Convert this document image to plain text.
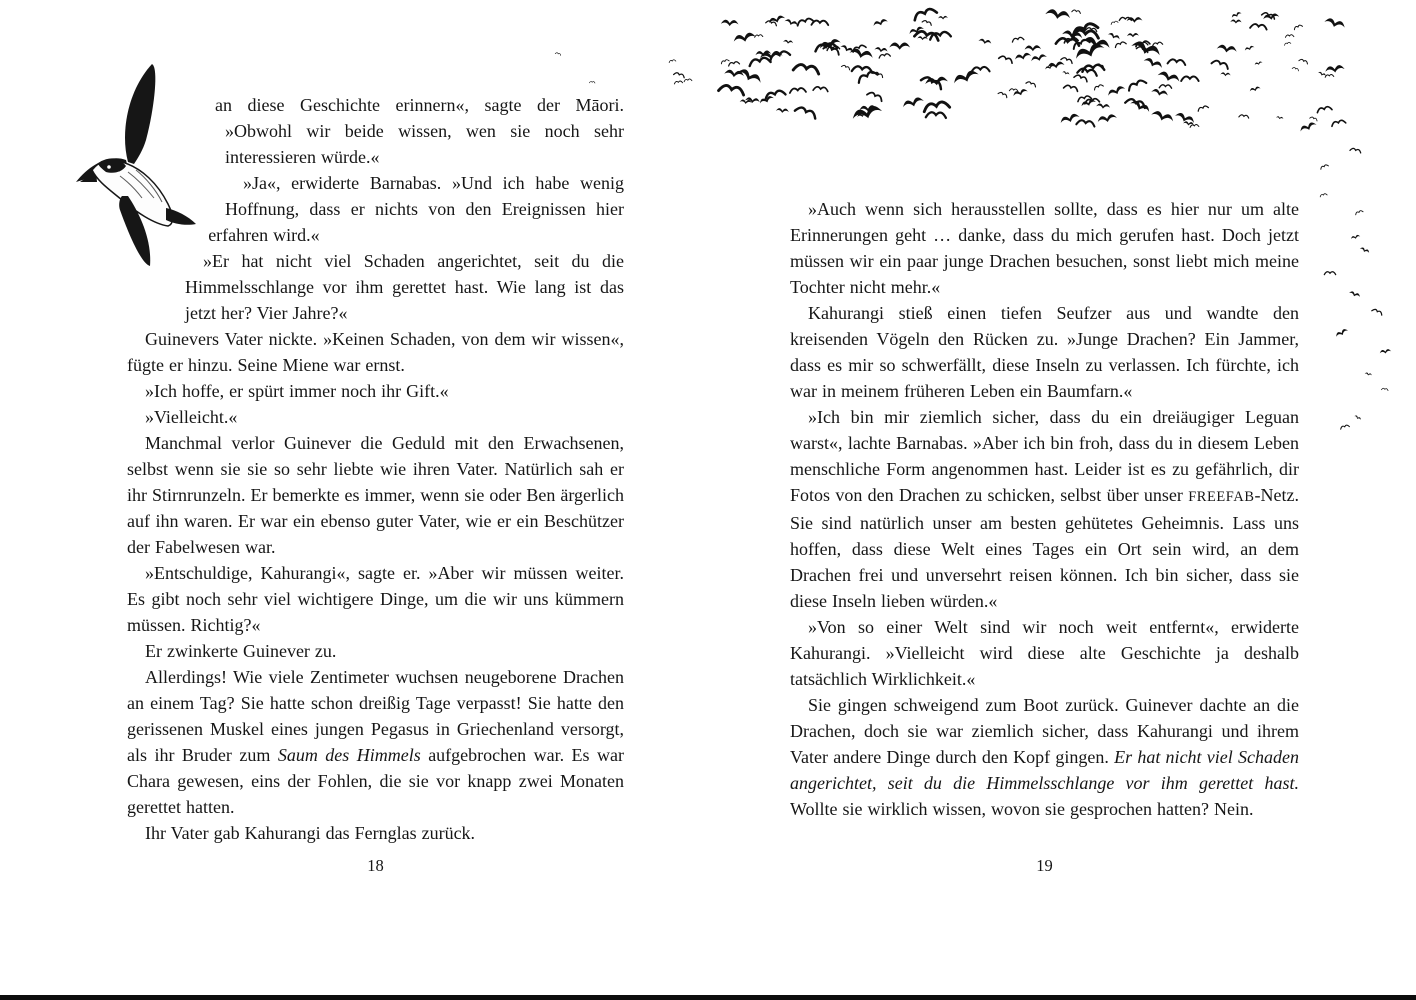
an diese Geschichte erinnern«, sagte der Māori. »Obwohl wir beide wissen, wen sie noch sehr interessieren würde.«

»Ja«, erwiderte Barnabas. »Und ich habe wenig Hoffnung, dass er nichts von den Ereignissen hier erfahren wird.«

»Er hat nicht viel Schaden angerichtet, seit du die Himmelsschlange vor ihm gerettet hast. Wie lang ist das jetzt her? Vier Jahre?«

Guinevers Vater nickte. »Keinen Schaden, von dem wir wissen«, fügte er hinzu. Seine Miene war ernst.

»Ich hoffe, er spürt immer noch ihr Gift.«

»Vielleicht.«

Manchmal verlor Guinever die Geduld mit den Erwachsenen, selbst wenn sie sie so sehr liebte wie ihren Vater. Natürlich sah er ihr Stirnrunzeln. Er bemerkte es immer, wenn sie oder Ben ärgerlich auf ihn waren. Er war ein ebenso guter Vater, wie er ein Beschützer der Fabelwesen war.

»Entschuldige, Kahurangi«, sagte er. »Aber wir müssen weiter. Es gibt noch sehr viel wichtigere Dinge, um die wir uns kümmern müssen. Richtig?«

Er zwinkerte Guinever zu.

Allerdings! Wie viele Zentimeter wuchsen neugeborene Drachen an einem Tag? Sie hatte schon dreißig Tage verpasst! Sie hatte den gerissenen Muskel eines jungen Pegasus in Griechenland versorgt, als ihr Bruder zum Saum des Himmels aufgebrochen war. Es war Chara gewesen, eins der Fohlen, die sie vor knapp zwei Monaten gerettet hatten.

Ihr Vater gab Kahurangi das Fernglas zurück.

»Auch wenn sich herausstellen sollte, dass es hier nur um alte Erinnerungen geht … danke, dass du mich gerufen hast. Doch jetzt müssen wir ein paar junge Drachen besuchen, sonst liebt mich meine Tochter nicht mehr.«

Kahurangi stieß einen tiefen Seufzer aus und wandte den kreisenden Vögeln den Rücken zu. »Junge Drachen? Ein Jammer, dass es mir so schwerfällt, diese Inseln zu verlassen. Ich fürchte, ich war in meinem früheren Leben ein Baumfarn.«

»Ich bin mir ziemlich sicher, dass du ein dreiäugiger Leguan warst«, lachte Barnabas. »Aber ich bin froh, dass du in diesem Leben menschliche Form angenommen hast. Leider ist es zu gefährlich, dir Fotos von den Drachen zu schicken, selbst über unser FREEFAB-Netz. Sie sind natürlich unser am besten gehütetes Geheimnis. Lass uns hoffen, dass diese Welt eines Tages ein Ort sein wird, an dem Drachen frei und unversehrt reisen können. Ich bin sicher, dass sie diese Inseln lieben würden.«

»Von so einer Welt sind wir noch weit entfernt«, erwiderte Kahurangi. »Vielleicht wird diese alte Geschichte ja deshalb tatsächlich Wirklichkeit.«

Sie gingen schweigend zum Boot zurück. Guinever dachte an die Drachen, doch sie war ziemlich sicher, dass Kahurangi und ihrem Vater andere Dinge durch den Kopf gingen. Er hat nicht viel Schaden angerichtet, seit du die Himmelsschlange vor ihm gerettet hast. Wollte sie wirklich wissen, wovon sie gesprochen hatten? Nein.

18	19
